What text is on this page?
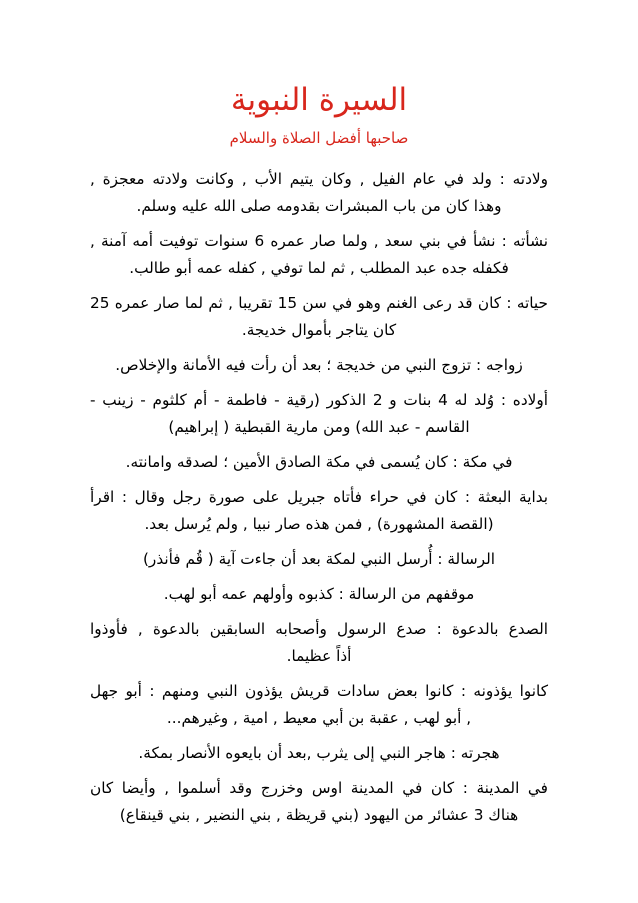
السيرة النبوية
صاحبها أفضل الصلاة والسلام

ولادته : ولد في عام الفيل , وكان يتيم الأب , وكانت ولادته معجزة ,
وهذا كان من باب المبشرات بقدومه صلى الله عليه وسلم.

نشأته : نشأ في بني سعد , ولما صار عمره 6 سنوات توفيت أمه آمنة ,
فكفله جده عبد المطلب , ثم لما توفي , كفله عمه أبو طالب.

حياته : كان قد رعى الغنم وهو في سن 15 تقريبا , ثم لما صار عمره 25
كان يتاجر بأموال خديجة.

زواجه : تزوج النبي من خديجة ؛ بعد أن رأت فيه الأمانة والإخلاص.

أولاده : وُلد له 4 بنات و 2 الذكور (رقية - فاطمة - أم كلثوم - زينب -
القاسم - عبد الله) ومن مارية القبطية ( إبراهيم)

في مكة : كان يُسمى في مكة الصادق الأمين ؛ لصدقه وامانته.

بداية البعثة : كان في حراء فأتاه جبريل على صورة رجل وقال : اقرأ
(القصة المشهورة) , فمن هذه صار نبيا , ولم يُرسل بعد.

الرسالة : أُرسل النبي لمكة بعد أن جاءت آية ( قُم فأنذر)

موقفهم من الرسالة : كذبوه وأولهم عمه أبو لهب.

الصدع بالدعوة : صدع الرسول وأصحابه السابقين بالدعوة , فأوذوا
أذاً عظيما.

كانوا يؤذونه : كانوا بعض سادات قريش يؤذون النبي ومنهم : أبو جهل
, أبو لهب , عقبة بن أبي معيط , امية , وغيرهم...

هجرته : هاجر النبي إلى يثرب ,بعد أن بايعوه الأنصار بمكة.

في المدينة : كان في المدينة اوس وخزرج وقد أسلموا , وأيضا كان
هناك 3 عشائر من اليهود (بني قريظة , بني النضير , بني قينقاع)
